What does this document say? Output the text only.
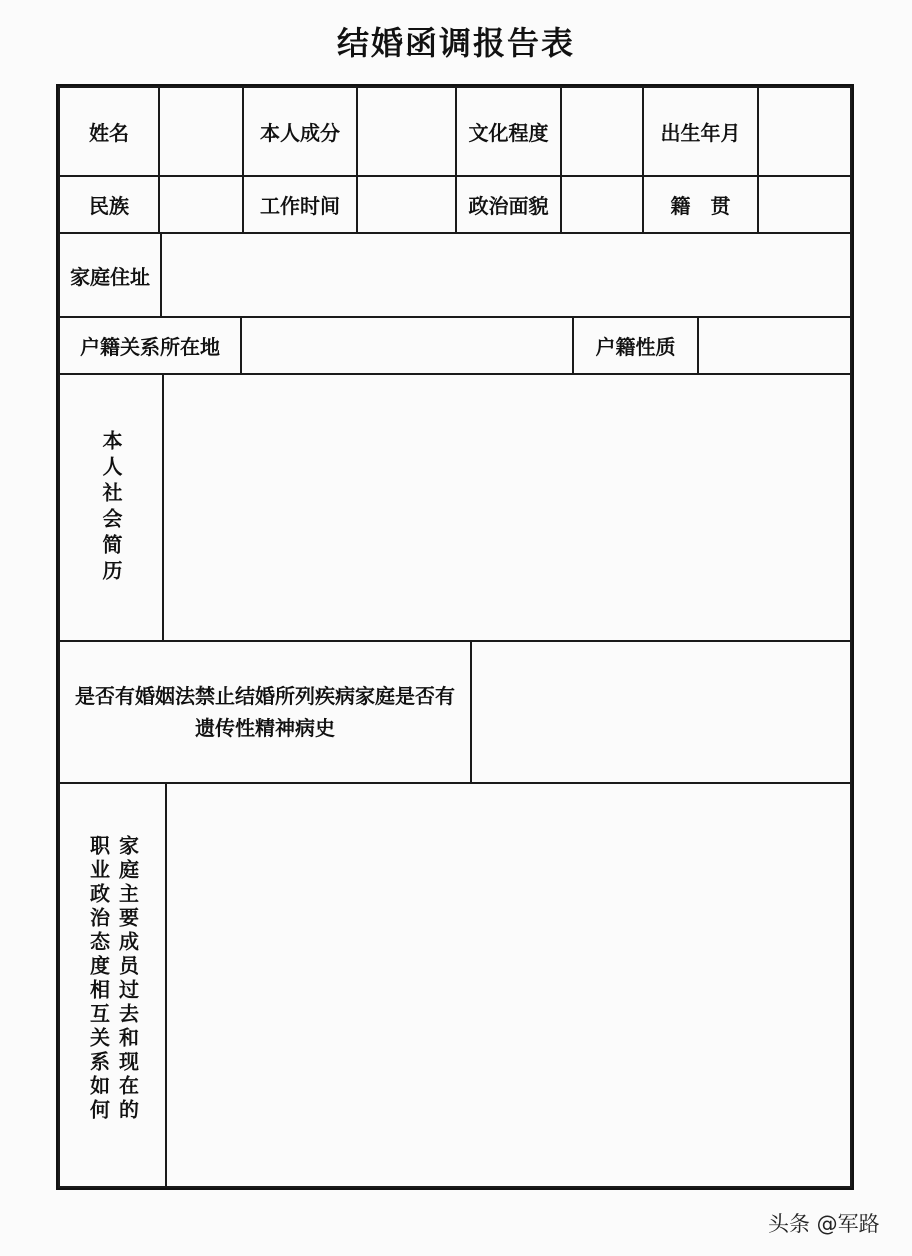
结婚函调报告表
姓名	本人成分	文化程度	出生年月
民族	工作时间	政治面貌	籍　贯
家庭住址
户籍关系所在地	户籍性质
本人社会简历
是否有婚姻法禁止结婚所列疾病家庭是否有遗传性精神病史
家庭主要成员过去和现在的职业政治态度相互关系如何
头条 @军路
